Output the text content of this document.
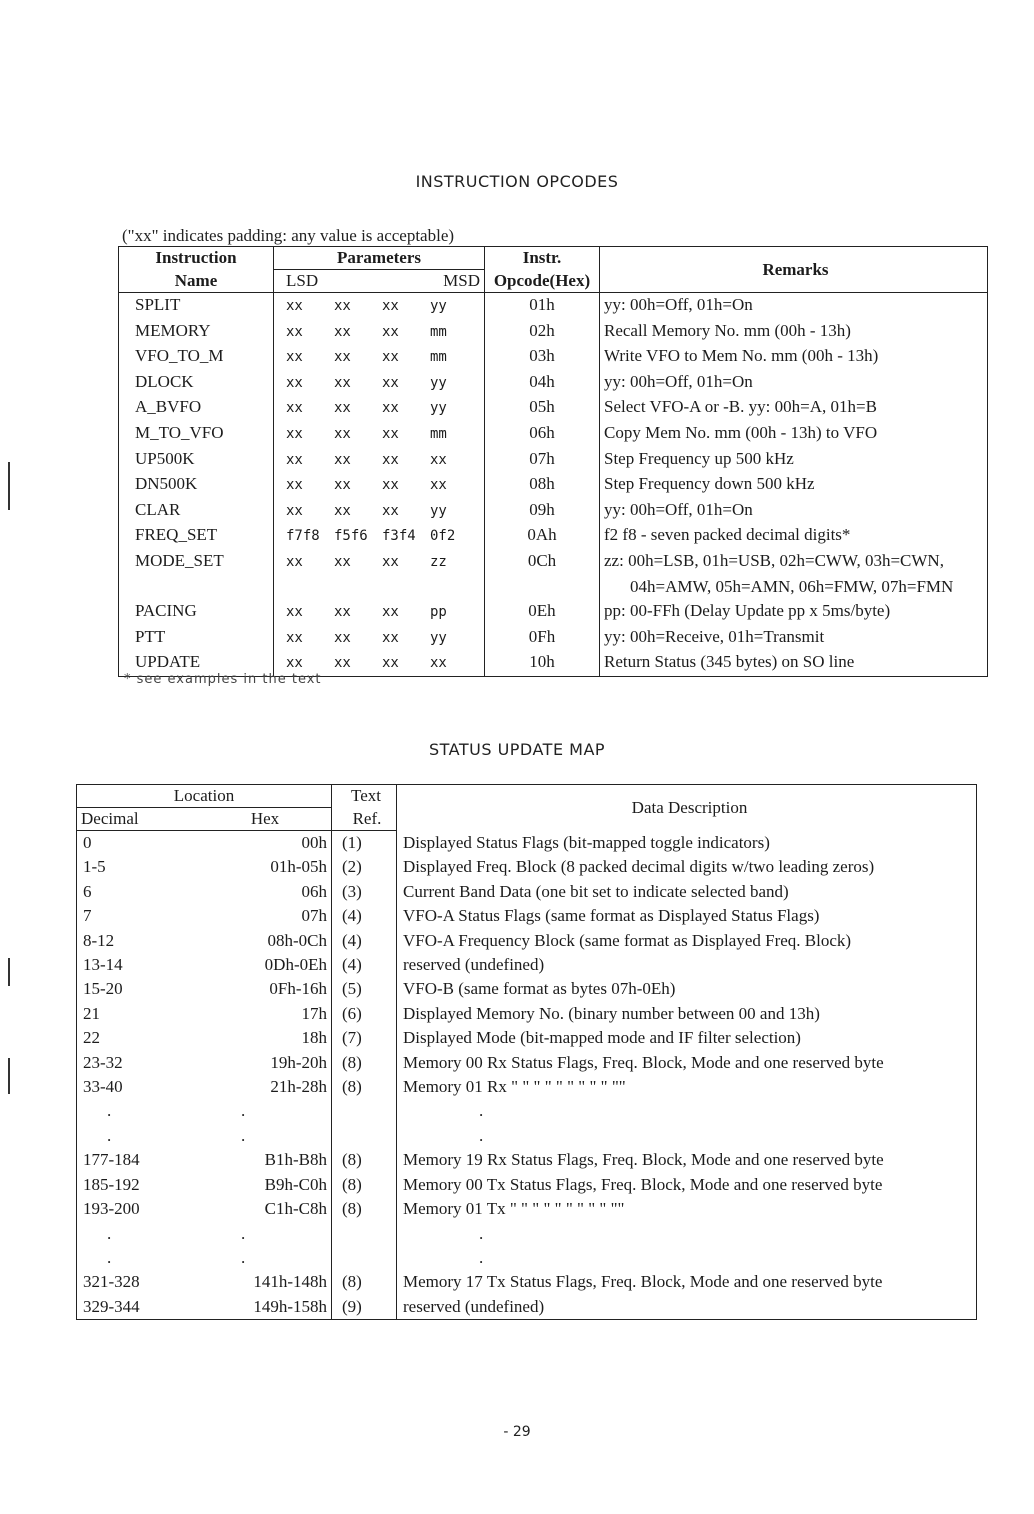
INSTRUCTION OPCODES
("xx" indicates padding: any value is acceptable)
Instruction	Parameters	Instr.	Remarks
Name	LSD MSD	Opcode(Hex)	
SPLIT	xx xx xx yy	01h	yy: 00h=Off, 01h=On
MEMORY	xx xx xx mm	02h	Recall Memory No. mm (00h - 13h)
VFO_TO_M	xx xx xx mm	03h	Write VFO to Mem No. mm (00h - 13h)
DLOCK	xx xx xx yy	04h	yy: 00h=Off, 01h=On
A_BVFO	xx xx xx yy	05h	Select VFO-A or -B. yy: 00h=A, 01h=B
M_TO_VFO	xx xx xx mm	06h	Copy Mem No. mm (00h - 13h) to VFO
UP500K	xx xx xx xx	07h	Step Frequency up 500 kHz
DN500K	xx xx xx xx	08h	Step Frequency down 500 kHz
CLAR	xx xx xx yy	09h	yy: 00h=Off, 01h=On
FREQ_SET	f7f8 f5f6 f3f4 0f2	0Ah	f2 f8 - seven packed decimal digits*
MODE_SET	xx xx xx zz	0Ch	zz: 00h=LSB, 01h=USB, 02h=CWW, 03h=CWN,
			04h=AMW, 05h=AMN, 06h=FMW, 07h=FMN
PACING	xx xx xx pp	0Eh	pp: 00-FFh (Delay Update pp x 5ms/byte)
PTT	xx xx xx yy	0Fh	yy: 00h=Receive, 01h=Transmit
UPDATE	xx xx xx xx	10h	Return Status (345 bytes) on SO line
* see examples in the text
STATUS UPDATE MAP
Location		Text	Data Description
Decimal	Hex	Ref.	
0	00h	(1)	Displayed Status Flags (bit-mapped toggle indicators)
1-5	01h-05h	(2)	Displayed Freq. Block (8 packed decimal digits w/two leading zeros)
6	06h	(3)	Current Band Data (one bit set to indicate selected band)
7	07h	(4)	VFO-A Status Flags (same format as Displayed Status Flags)
8-12	08h-0Ch	(4)	VFO-A Frequency Block (same format as Displayed Freq. Block)
13-14	0Dh-0Eh	(4)	reserved (undefined)
15-20	0Fh-16h	(5)	VFO-B (same format as bytes 07h-0Eh)
21	17h	(6)	Displayed Memory No. (binary number between 00 and 13h)
22	18h	(7)	Displayed Mode (bit-mapped mode and IF filter selection)
23-32	19h-20h	(8)	Memory 00 Rx Status Flags, Freq. Block, Mode and one reserved byte
33-40	21h-28h	(8)	Memory 01 Rx " " " " " " " " " ""
.	.		.
.	.		.
177-184	B1h-B8h	(8)	Memory 19 Rx Status Flags, Freq. Block, Mode and one reserved byte
185-192	B9h-C0h	(8)	Memory 00 Tx Status Flags, Freq. Block, Mode and one reserved byte
193-200	C1h-C8h	(8)	Memory 01 Tx " " " " " " " " " ""
.	.		.
.	.		.
321-328	141h-148h	(8)	Memory 17 Tx Status Flags, Freq. Block, Mode and one reserved byte
329-344	149h-158h	(9)	reserved (undefined)
- 29
